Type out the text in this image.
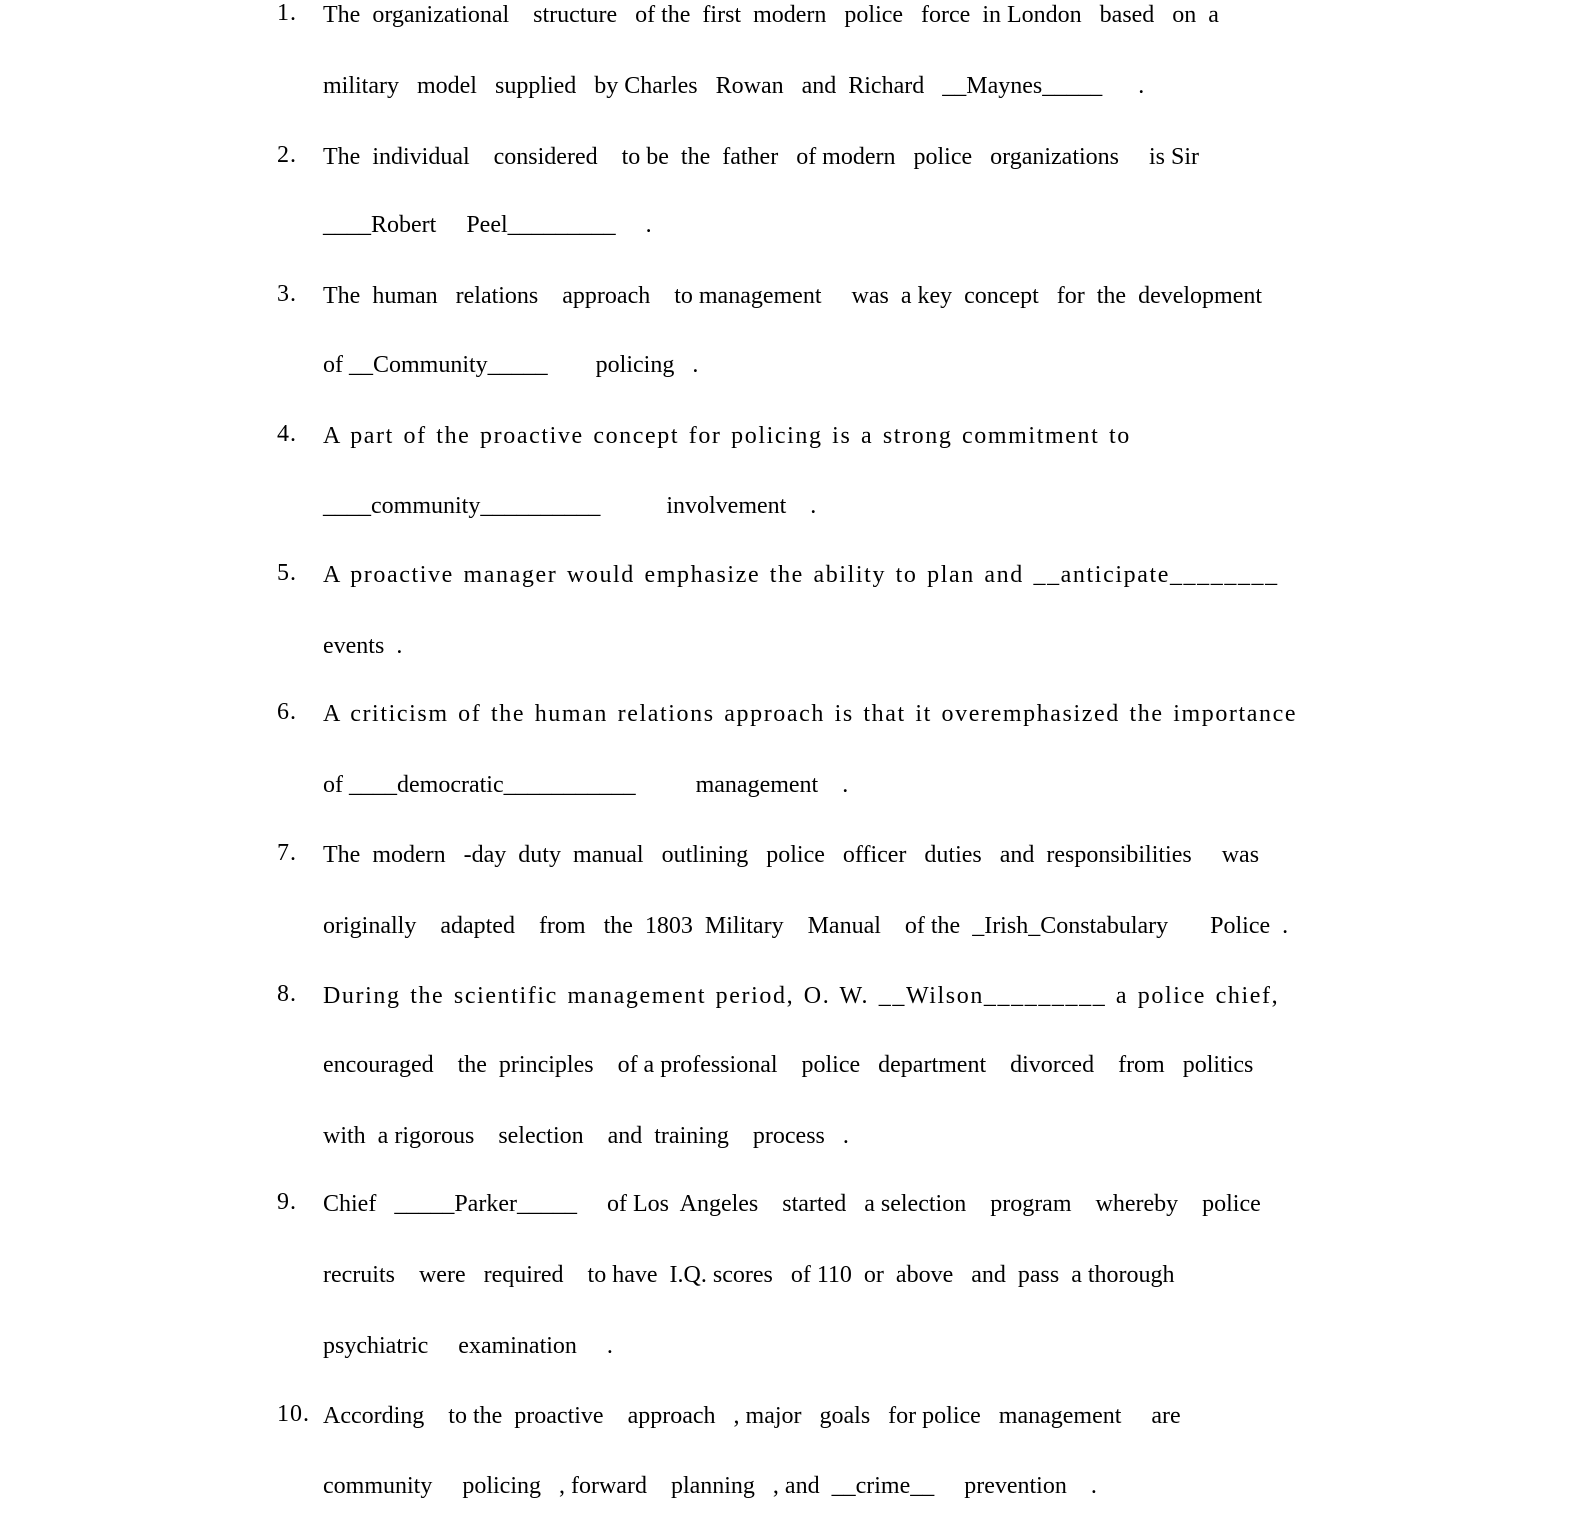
1. The  organizational    structure   of the  first  modern   police   force  in London   based   on  a
military   model   supplied   by Charles   Rowan   and  Richard   __Maynes_____      .
2. The  individual    considered    to be  the  father   of modern   police   organizations     is Sir
____Robert     Peel_________     .
3. The  human   relations    approach    to management     was  a key  concept   for  the  development
of __Community_____        policing   .
4. A part of the proactive concept for policing is a strong commitment to
____community__________           involvement    .
5. A proactive manager would emphasize the ability to plan and __anticipate________
events  .
6. A criticism of the human relations approach is that it overemphasized the importance
of ____democratic___________          management    .
7. The  modern   -day  duty  manual   outlining   police   officer   duties   and  responsibilities     was
originally    adapted    from   the  1803  Military    Manual    of the  _Irish_Constabulary       Police  .
8. During the scientific management period, O. W. __Wilson_________ a police chief,
encouraged    the  principles    of a professional    police   department    divorced    from   politics
with  a rigorous    selection    and  training    process   .
9. Chief   _____Parker_____     of Los  Angeles    started   a selection    program    whereby    police
recruits    were   required    to have  I.Q. scores   of 110  or  above   and  pass  a thorough
psychiatric     examination     .
10. According    to the  proactive    approach   , major   goals   for police   management     are
community     policing   , forward    planning   , and  __crime__     prevention    .
